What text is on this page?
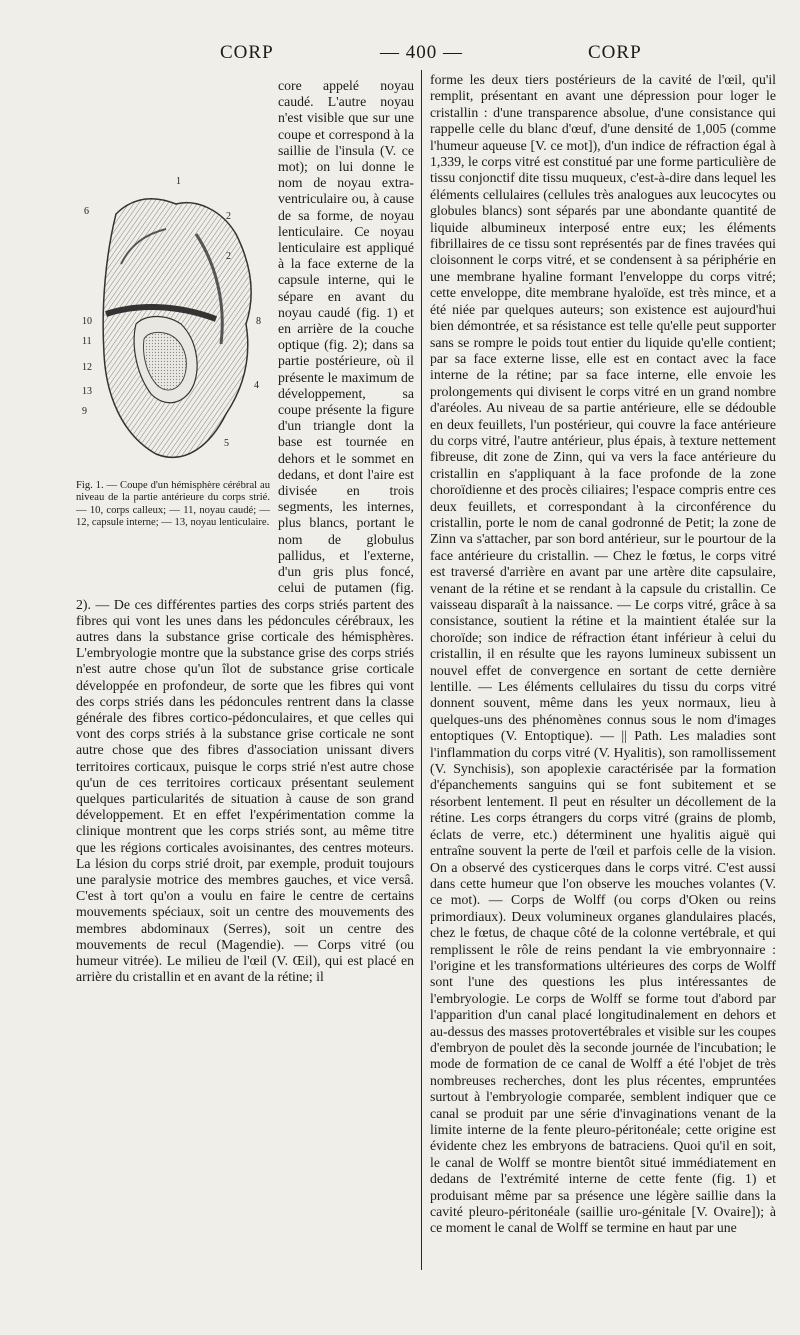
CORP	— 400 —	CORP
1
6	2
2
10	8
11
12
4
13
9
5
Fig. 1. — Coupe d'un hémisphère cérébral au niveau de la partie antérieure du corps strié. — 10, corps calleux; — 11, noyau caudé; — 12, capsule interne; — 13, noyau lenticulaire.

core appelé noyau caudé. L'autre noyau n'est visible que sur une coupe et correspond à la saillie de l'insula (V. ce mot); on lui donne le nom de noyau extra-ventriculaire ou, à cause de sa forme, de noyau lenticulaire. Ce noyau lenticulaire est appliqué à la face externe de la capsule interne, qui le sépare en avant du noyau caudé (fig. 1) et en arrière de la couche optique (fig. 2); dans sa partie postérieure, où il présente le maximum de développement, sa coupe présente la figure d'un triangle dont la base est tournée en dehors et le sommet en dedans, et dont l'aire est divisée en trois segments, les internes, plus blancs, portant le nom de globulus pallidus, et l'externe, d'un gris plus foncé, celui de putamen (fig. 2). — De ces différentes parties des corps striés partent des fibres qui vont les unes dans les pédoncules cérébraux, les autres dans la substance grise corticale des hémisphères. L'embryologie montre que la substance grise des corps striés n'est autre chose qu'un îlot de substance grise corticale développée en profondeur, de sorte que les fibres qui vont des corps striés dans les pédoncules rentrent dans la classe générale des fibres cortico-pédonculaires, et que celles qui vont des corps striés à la substance grise corticale ne sont autre chose que des fibres d'association unissant divers territoires corticaux, puisque le corps strié n'est autre chose qu'un de ces territoires corticaux présentant seulement quelques particularités de situation à cause de son grand développement. Et en effet l'expérimentation comme la clinique montrent que les corps striés sont, au même titre que les régions corticales avoisinantes, des centres moteurs. La lésion du corps strié droit, par exemple, produit toujours une paralysie motrice des membres gauches, et vice versâ. C'est à tort qu'on a voulu en faire le centre de certains mouvements spéciaux, soit un centre des mouvements des membres abdominaux (Serres), soit un centre des mouvements de recul (Magendie). — Corps vitré (ou humeur vitrée). Le milieu de l'œil (V. Œil), qui est placé en arrière du cristallin et en avant de la rétine; il

forme les deux tiers postérieurs de la cavité de l'œil, qu'il remplit, présentant en avant une dépression pour loger le cristallin : d'une transparence absolue, d'une consistance qui rappelle celle du blanc d'œuf, d'une densité de 1,005 (comme l'humeur aqueuse [V. ce mot]), d'un indice de réfraction égal à 1,339, le corps vitré est constitué par une forme particulière de tissu conjonctif dite tissu muqueux, c'est-à-dire dans lequel les éléments cellulaires (cellules très analogues aux leucocytes ou globules blancs) sont séparés par une abondante quantité de liquide albumineux interposé entre eux; les éléments fibrillaires de ce tissu sont représentés par de fines travées qui cloisonnent le corps vitré, et se condensent à sa périphérie en une membrane hyaline formant l'enveloppe du corps vitré; cette enveloppe, dite membrane hyaloïde, est très mince, et a été niée par quelques auteurs; son existence est aujourd'hui bien démontrée, et sa résistance est telle qu'elle peut supporter sans se rompre le poids tout entier du liquide qu'elle contient; par sa face externe lisse, elle est en contact avec la face interne de la rétine; par sa face interne, elle envoie les prolongements qui divisent le corps vitré en un grand nombre d'aréoles. Au niveau de sa partie antérieure, elle se dédouble en deux feuillets, l'un postérieur, qui couvre la face antérieure du corps vitré, l'autre antérieur, plus épais, à texture nettement fibreuse, dit zone de Zinn, qui va vers la face antérieure du cristallin en s'appliquant à la face profonde de la zone choroïdienne et des procès ciliaires; l'espace compris entre ces deux feuillets, et correspondant à la circonférence du cristallin, porte le nom de canal godronné de Petit; la zone de Zinn va s'attacher, par son bord antérieur, sur le pourtour de la face antérieure du cristallin. — Chez le fœtus, le corps vitré est traversé d'arrière en avant par une artère dite capsulaire, venant de la rétine et se rendant à la capsule du cristallin. Ce vaisseau disparaît à la naissance. — Le corps vitré, grâce à sa consistance, soutient la rétine et la maintient étalée sur la choroïde; son indice de réfraction étant inférieur à celui du cristallin, il en résulte que les rayons lumineux subissent un nouvel effet de convergence en sortant de cette dernière lentille. — Les éléments cellulaires du tissu du corps vitré donnent souvent, même dans les yeux normaux, lieu à quelques-uns des phénomènes connus sous le nom d'images entoptiques (V. Entoptique). — || Path. Les maladies sont l'inflammation du corps vitré (V. Hyalitis), son ramollissement (V. Synchisis), son apoplexie caractérisée par la formation d'épanchements sanguins qui se font subitement et se résorbent lentement. Il peut en résulter un décollement de la rétine. Les corps étrangers du corps vitré (grains de plomb, éclats de verre, etc.) déterminent une hyalitis aiguë qui entraîne souvent la perte de l'œil et parfois celle de la vision. On a observé des cysticerques dans le corps vitré. C'est aussi dans cette humeur que l'on observe les mouches volantes (V. ce mot). — Corps de Wolff (ou corps d'Oken ou reins primordiaux). Deux volumineux organes glandulaires placés, chez le fœtus, de chaque côté de la colonne vertébrale, et qui remplissent le rôle de reins pendant la vie embryonnaire : l'origine et les transformations ultérieures des corps de Wolff sont l'une des questions les plus intéressantes de l'embryologie. Le corps de Wolff se forme tout d'abord par l'apparition d'un canal placé longitudinalement en dehors et au-dessus des masses protovertébrales et visible sur les coupes d'embryon de poulet dès la seconde journée de l'incubation; le mode de formation de ce canal de Wolff a été l'objet de très nombreuses recherches, dont les plus récentes, empruntées surtout à l'embryologie comparée, semblent indiquer que ce canal se produit par une série d'invaginations venant de la limite interne de la fente pleuro-péritonéale; cette origine est évidente chez les embryons de batraciens. Quoi qu'il en soit, le canal de Wolff se montre bientôt situé immédiatement en dedans de l'extrémité interne de cette fente (fig. 1) et produisant même par sa présence une légère saillie dans la cavité pleuro-péritonéale (saillie uro-génitale [V. Ovaire]); à ce moment le canal de Wolff se termine en haut par une
